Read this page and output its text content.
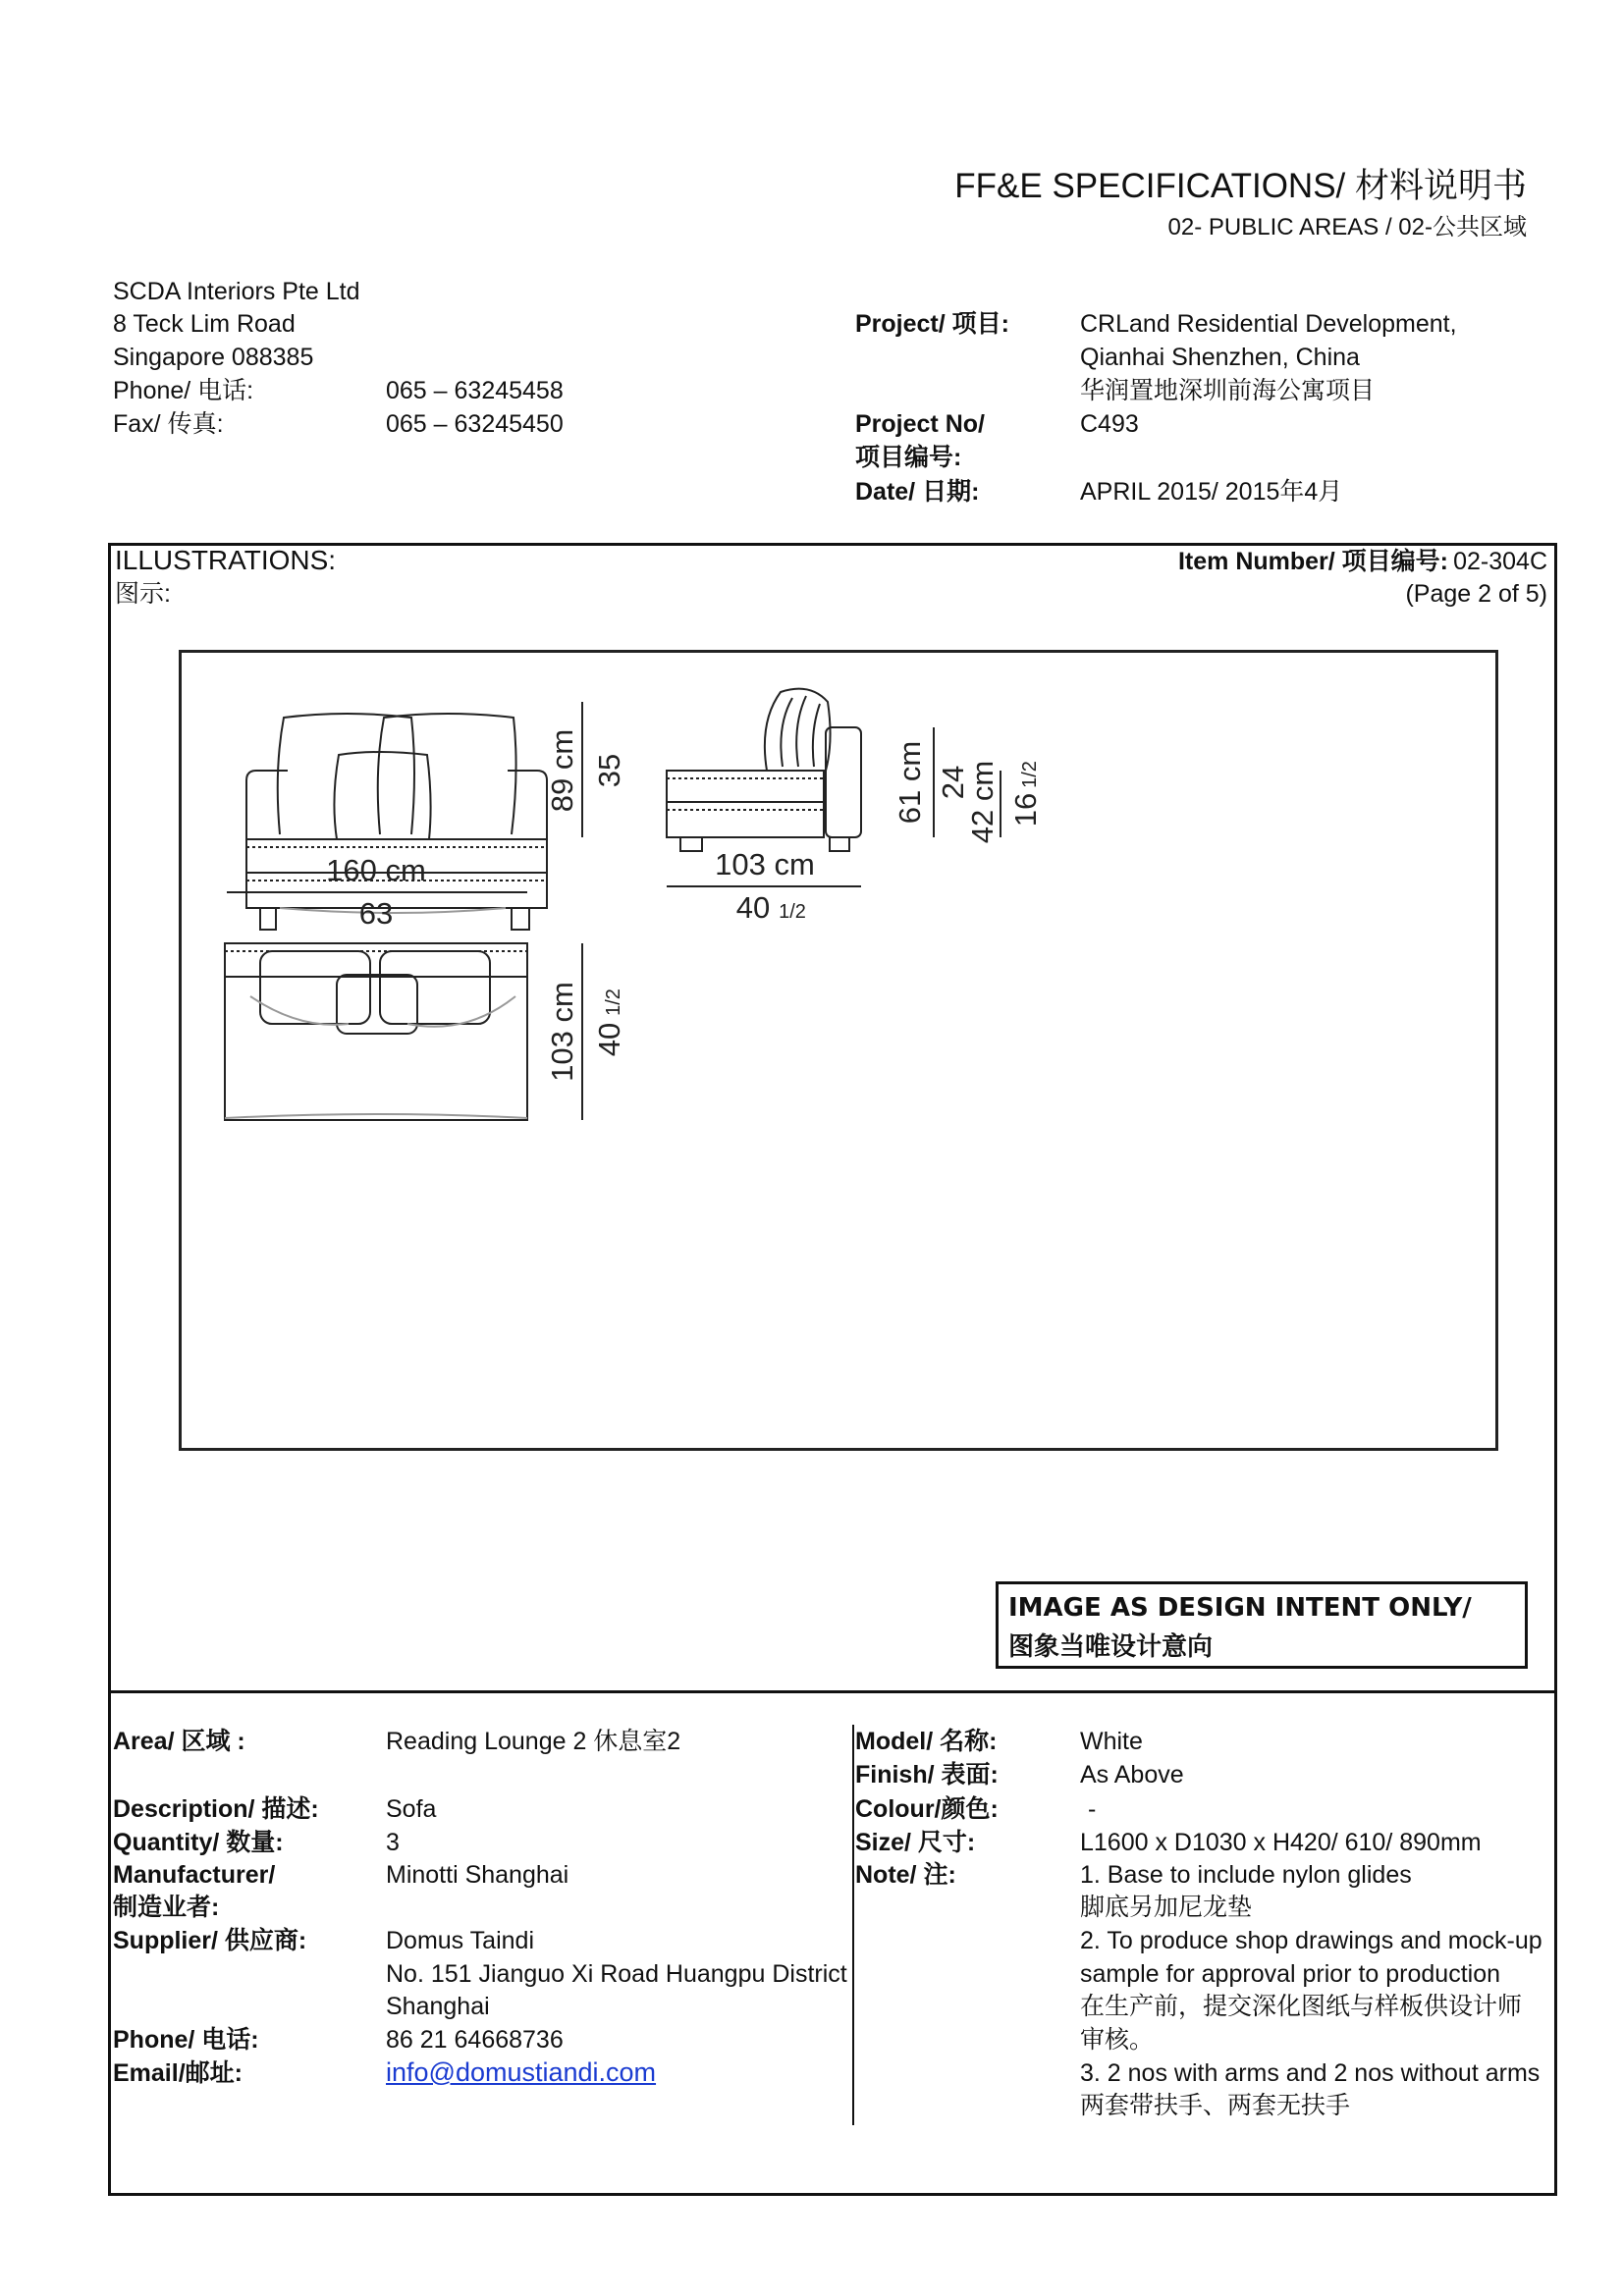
FF&E SPECIFICATIONS/ 材料说明书
02- PUBLIC AREAS / 02-公共区域
SCDA Interiors Pte Ltd
8 Teck Lim Road
Singapore 088385
Phone/ 电话:	065 – 63245458
Fax/ 传真:	065 – 63245450
Project/ 项目:	CRLand Residential Development,
Qianhai Shenzhen, China
华润置地深圳前海公寓项目
Project No/
项目编号:
C493
Date/ 日期:	APRIL 2015/ 2015年4月
ILLUSTRATIONS:
图示:
Item Number/ 项目编号: 02-304C
(Page 2 of 5)
160 cm
63
89 cm 35
103 cm
40 1/2
61 cm 24
42 cm 16
1/2
103 cm 40
1/2
IMAGE AS DESIGN INTENT ONLY/
图象当唯设计意向
Area/ 区域 :	Reading Lounge 2 休息室2
Description/ 描述:	Sofa
Quantity/ 数量:	3
Manufacturer/
制造业者:
Minotti Shanghai
Supplier/ 供应商:	Domus Taindi
No. 151 Jianguo Xi Road Huangpu District
Shanghai
Phone/ 电话:	86 21 64668736
Email/邮址:	info@domustiandi.com
Model/ 名称:	White
Finish/ 表面:	As Above
Colour/颜色:	-
Size/ 尺寸:	L1600 x D1030 x H420/ 610/ 890mm
Note/ 注:	1. Base to include nylon glides
脚底另加尼龙垫
2. To produce shop drawings and mock-up
sample for approval prior to production
在生产前，提交深化图纸与样板供设计师
审核。
3. 2 nos with arms and 2 nos without arms
两套带扶手、两套无扶手
